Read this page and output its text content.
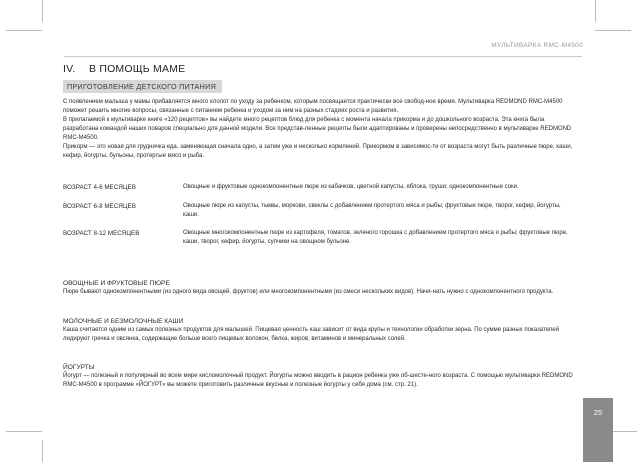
МУЛЬТИВАРКА RMC-M4500
IV. В ПОМОЩЬ МАМЕ
ПРИГОТОВЛЕНИЕ ДЕТСКОГО ПИТАНИЯ

С появлением малыша у мамы прибавляется много хлопот по уходу за ребенком, которым посвящается практически все свобод-ное время. Мультиварка REDMOND RMC-M4500 поможет решить многие вопросы, связанные с питанием ребенка и уходом за ним на разных стадиях роста и развития.

В прилагаемой к мультиварке книге «120 рецептов» вы найдете много рецептов блюд для ребенка с момента начала прикорма и до дошкольного возраста. Эта книга была разработана командой наших поваров специально для данной модели. Все представ-ленные рецепты были адаптированы и проверены непосредственно в мультиварке REDMOND RMC-M4500.

Прикорм — это новая для грудничка еда, заменяющая сначала одно, а затем уже и несколько кормлений. Прикормом в зависимос-ти от возраста могут быть различные пюре, каши, кефир, йогурты, бульоны, протертые мясо и рыба.

ВОЗРАСТ 4-6 МЕСЯЦЕВ	Овощные и фруктовые однокомпонентные пюре из кабачков, цветной капусты, яблока, груши; однокомпонентные соки.
ВОЗРАСТ 6-8 МЕСЯЦЕВ	Овощные пюре из капусты, тыквы, моркови, свеклы с добавлением протертого мяса и рыбы; фруктовые пюре, творог, кефир, йогурты, каши.
ВОЗРАСТ 8-12 МЕСЯЦЕВ	Овощные многокомпонентные пюре из картофеля, томатов, зеленого горошка с добавлением протертого мяса и рыбы; фруктовые пюре, каши, творог, кефир, йогурты, супчики на овощном бульоне.

ОВОЩНЫЕ И ФРУКТОВЫЕ ПЮРЕ

Пюре бывают однокомпонентными (из одного вида овощей, фруктов) или многокомпонентными (из смеси нескольких видов). Начи-нать нужно с однокомпонентного продукта.

МОЛОЧНЫЕ И БЕЗМОЛОЧНЫЕ КАШИ

Каша считается одним из самых полезных продуктов для малышей. Пищевая ценность каш зависит от вида крупы и технологии обработки зерна. По сумме разных показателей лидируют гречка и овсянка, содержащие больше всего пищевых волокон, белка, жиров, витаминов и минеральных солей.

ЙОГУРТЫ

Йогурт — полезный и популярный во всем мире кисломолочный продукт. Йогурты можно вводить в рацион ребенка уже об-шесте-ного возраста. С помощью мультиварки REDMOND RMC-M4500 в программе «ЙОГУРТ» вы можете приготовить различные вкусные и полезные йогурты у себя дома (см. стр. 21).

25
